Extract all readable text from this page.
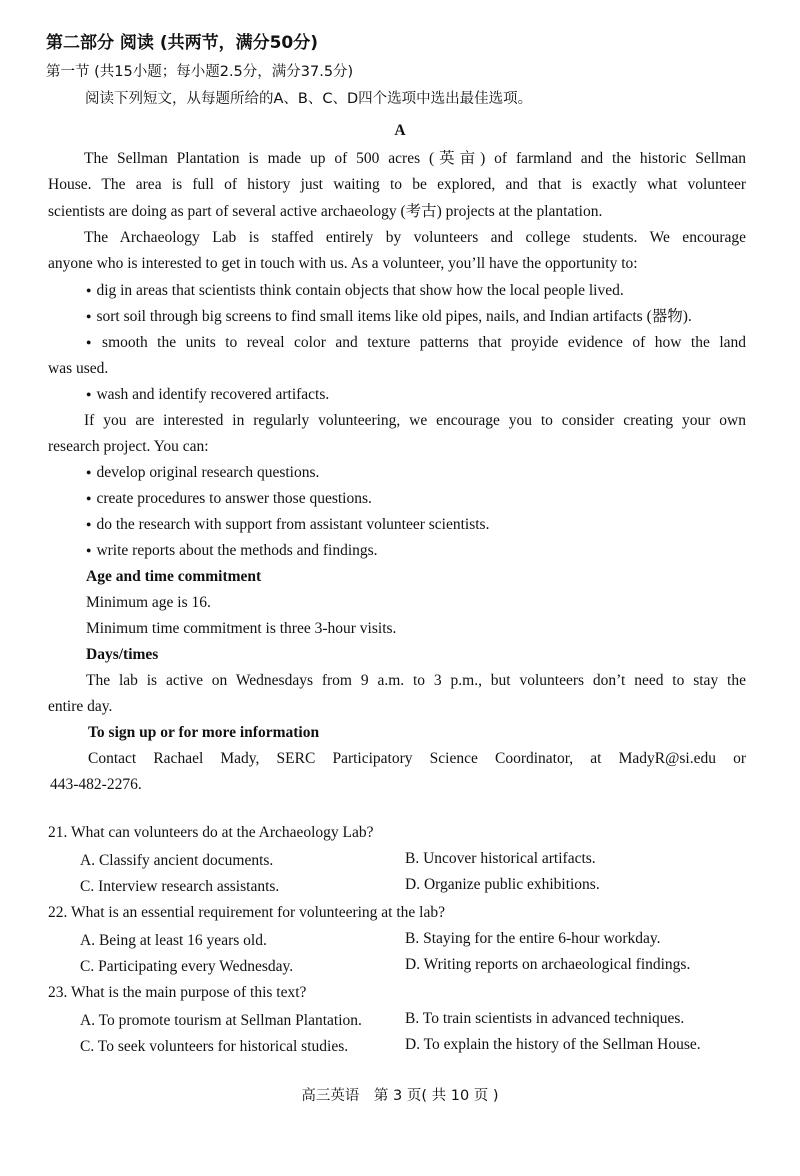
第二部分 阅读 (共两节，满分50分)
第一节 (共15小题；每小题2.5分，满分37.5分)
阅读下列短文，从每题所给的A、B、C、D四个选项中选出最佳选项。
A
The Sellman Plantation is made up of 500 acres (英亩) of farmland and the historic Sellman
House. The area is full of history just waiting to be explored, and that is exactly what volunteer
scientists are doing as part of several active archaeology (考古) projects at the plantation.
The Archaeology Lab is staffed entirely by volunteers and college students. We encourage
anyone who is interested to get in touch with us. As a volunteer, you’ll have the opportunity to:
● dig in areas that scientists think contain objects that show how the local people lived.
● sort soil through big screens to find small items like old pipes, nails, and Indian artifacts (器物).
● smooth the units to reveal color and texture patterns that proyide evidence of how the land
was used.
● wash and identify recovered artifacts.
If you are interested in regularly volunteering, we encourage you to consider creating your own
research project. You can:
● develop original research questions.
● create procedures to answer those questions.
● do the research with support from assistant volunteer scientists.
● write reports about the methods and findings.
Age and time commitment
Minimum age is 16.
Minimum time commitment is three 3-hour visits.
Days/times
The lab is active on Wednesdays from 9 a.m. to 3 p.m., but volunteers don’t need to stay the
entire day.
To sign up or for more information
Contact Rachael Mady, SERC Participatory Science Coordinator, at MadyR@si.edu or
443-482-2276.
21. What can volunteers do at the Archaeology Lab?
A. Classify ancient documents.	B. Uncover historical artifacts.
C. Interview research assistants.	D. Organize public exhibitions.
22. What is an essential requirement for volunteering at the lab?
A. Being at least 16 years old.	B. Staying for the entire 6-hour workday.
C. Participating every Wednesday.	D. Writing reports on archaeological findings.
23. What is the main purpose of this text?
A. To promote tourism at Sellman Plantation.	B. To train scientists in advanced techniques.
C. To seek volunteers for historical studies.	D. To explain the history of the Sellman House.
高三英语　第 3 页( 共 10 页 )
